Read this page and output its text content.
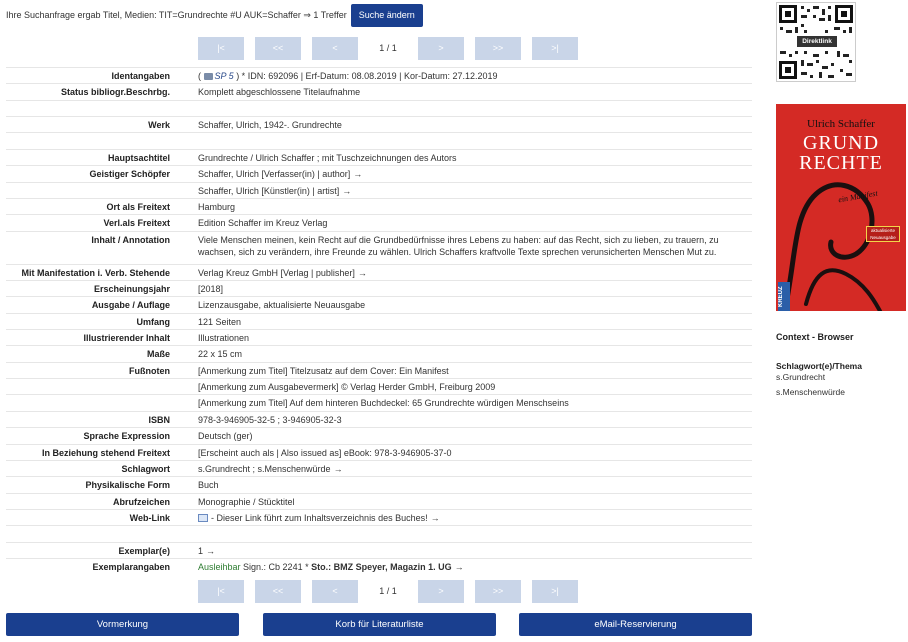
Ihre Suchanfrage ergab Titel, Medien: TIT=Grundrechte #U AUK=Schaffer ⇒ 1 Treffer	Suche ändern
|<	<<	<	1 / 1	>	>>	>|
Identangaben	( SP 5 ) * IDN: 692096 | Erf-Datum: 08.08.2019 | Kor-Datum: 27.12.2019
Status bibliogr.Beschrbg.	Komplett abgeschlossene Titelaufnahme

Werk	Schaffer, Ulrich, 1942-. Grundrechte

Hauptsachtitel	Grundrechte / Ulrich Schaffer ; mit Tuschzeichnungen des Autors
Geistiger Schöpfer	Schaffer, Ulrich [Verfasser(in) | author] →
	Schaffer, Ulrich [Künstler(in) | artist] →
Ort als Freitext	Hamburg
Verl.als Freitext	Edition Schaffer im Kreuz Verlag
Inhalt / Annotation	Viele Menschen meinen, kein Recht auf die Grundbedürfnisse ihres Lebens zu haben: auf das Recht, sich zu lieben, zu trauern, zu wachsen, sich zu verändern, ihre Freunde zu wählen. Ulrich Schaffers kraftvolle Texte sprechen verunsicherten Menschen Mut zu.
Mit Manifestation i. Verb. Stehende	Verlag Kreuz GmbH [Verlag | publisher] →
Erscheinungsjahr	[2018]
Ausgabe / Auflage	Lizenzausgabe, aktualisierte Neuausgabe
Umfang	121 Seiten
Illustrierender Inhalt	Illustrationen
Maße	22 x 15 cm
Fußnoten	[Anmerkung zum Titel] Titelzusatz auf dem Cover: Ein Manifest
	[Anmerkung zum Ausgabevermerk] © Verlag Herder GmbH, Freiburg 2009
	[Anmerkung zum Titel] Auf dem hinteren Buchdeckel: 65 Grundrechte würdigen Menschseins
ISBN	978-3-946905-32-5 ; 3-946905-32-3
Sprache Expression	Deutsch (ger)
In Beziehung stehend Freitext	[Erscheint auch als | Also issued as] eBook: 978-3-946905-37-0
Schlagwort	s.Grundrecht ; s.Menschenwürde →
Physikalische Form	Buch
Abrufzeichen	Monographie / Stücktitel
Web-Link	- Dieser Link führt zum Inhaltsverzeichnis des Buches! →

Exemplar(e)	1 →
Exemplarangaben	Ausleihbar Sign.: Cb 2241 * Sto.: BMZ Speyer, Magazin 1. UG →
|<	<<	<	1 / 1	>	>>	>|
Vormerkung	Korb für Literaturliste	eMail-Reservierung
Direktlink
Ulrich Schaffer
GRUND
RECHTE
ein Manifest
aktualisierte Neuausgabe
KREUZ
Context - Browser
Schlagwort(e)/Thema
s.Grundrecht
s.Menschenwürde
